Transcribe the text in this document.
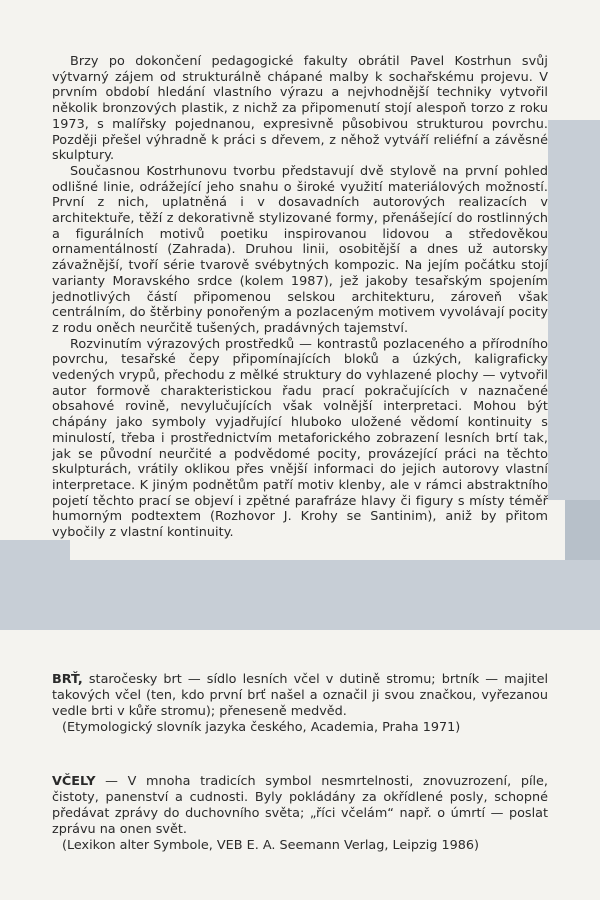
Brzy po dokončení pedagogické fakulty obrátil Pavel Kostrhun svůj výtvarný zájem od strukturálně chápané malby k sochařskému projevu. V prvním období hledání vlastního výrazu a nejvhodnější techniky vytvořil několik bronzových plastik, z nichž za připomenutí stojí alespoň torzo z roku 1973, s malířsky pojednanou, expresivně působivou strukturou povrchu. Později přešel výhradně k práci s dřevem, z něhož vytváří reliéfní a závěsné skulptury.

Současnou Kostrhunovu tvorbu představují dvě stylově na první pohled odlišné linie, odrážející jeho snahu o široké využití materiálových možností. První z nich, uplatněná i v dosavadních autorových realizacích v architektuře, těží z dekorativně stylizované formy, přenášející do rostlinných a figurálních motivů poetiku inspirovanou lidovou a středověkou ornamentálností (Zahrada). Druhou linii, osobitější a dnes už autorsky závažnější, tvoří série tvarově svébytných kompozic. Na jejím počátku stojí varianty Moravského srdce (kolem 1987), jež jakoby tesařským spojením jednotlivých částí připomenou selskou architekturu, zároveň však centrálním, do štěrbiny ponořeným a pozlaceným motivem vyvolávají pocity z rodu oněch neurčitě tušených, pradávných tajemství.

Rozvinutím výrazových prostředků — kontrastů pozlaceného a přírodního povrchu, tesařské čepy připomínajících bloků a úzkých, kaligraficky vedených vrypů, přechodu z mělké struktury do vyhlazené plochy — vytvořil autor formově charakteristickou řadu prací pokračujících v naznačené obsahové rovině, nevylučujících však volnější interpretaci. Mohou být chápány jako symboly vyjadřující hluboko uložené vědomí kontinuity s minulostí, třeba i prostřednictvím metaforického zobrazení lesních brtí tak, jak se původní neurčité a podvědomé pocity, provázející práci na těchto skulpturách, vrátily oklikou přes vnější informaci do jejich autorovy vlastní interpretace. K jiným podnětům patří motiv klenby, ale v rámci abstraktního pojetí těchto prací se objeví i zpětné parafráze hlavy či figury s místy téměř humorným podtextem (Rozhovor J. Krohy se Santinim), aniž by přitom vybočily z vlastní kontinuity.

BRŤ, staročesky brt — sídlo lesních včel v dutině stromu; brtník — majitel takových včel (ten, kdo první brť našel a označil ji svou značkou, vyřezanou vedle brti v kůře stromu); přeneseně medvěd.

(Etymologický slovník jazyka českého, Academia, Praha 1971)

VČELY — V mnoha tradicích symbol nesmrtelnosti, znovuzrození, píle, čistoty, panenství a cudnosti. Byly pokládány za okřídlené posly, schopné předávat zprávy do duchovního světa; „říci včelám“ např. o úmrtí — poslat zprávu na onen svět.

(Lexikon alter Symbole, VEB E. A. Seemann Verlag, Leipzig 1986)
